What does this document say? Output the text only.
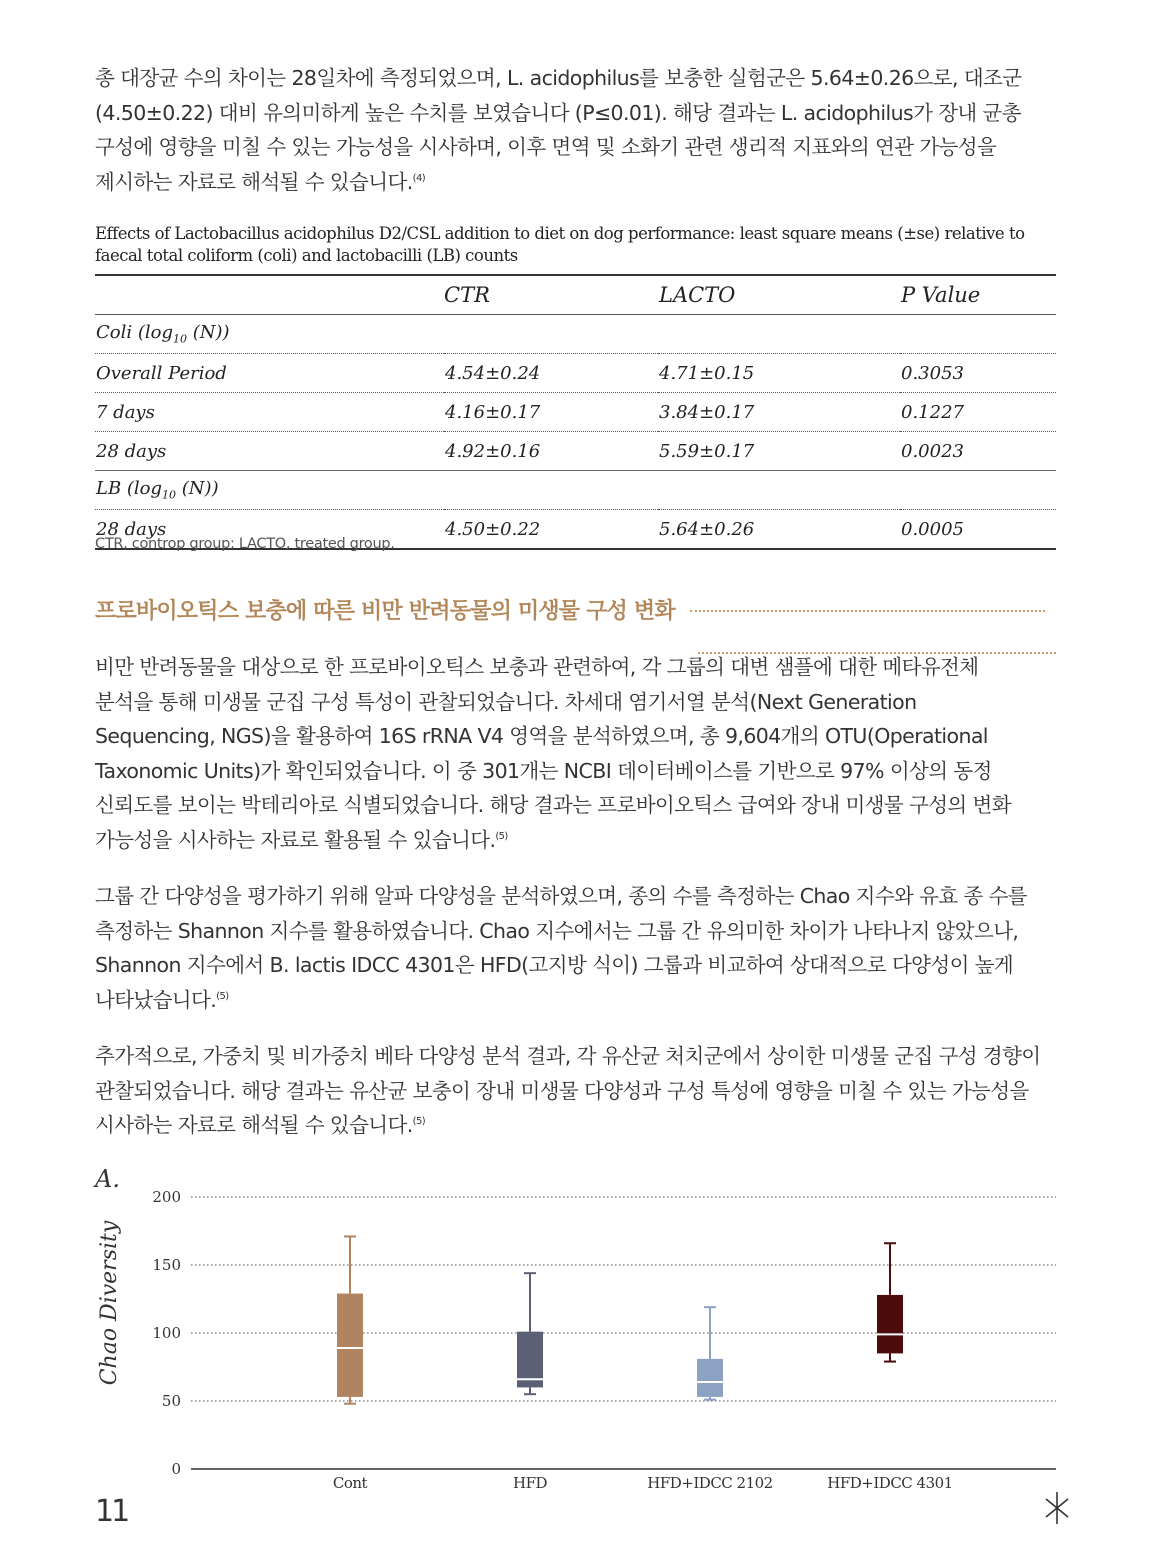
총 대장균 수의 차이는 28일차에 측정되었으며, L. acidophilus를 보충한 실험군은 5.64±0.26으로, 대조군
(4.50±0.22) 대비 유의미하게 높은 수치를 보였습니다 (P≤0.01). 해당 결과는 L. acidophilus가 장내 균총
구성에 영향을 미칠 수 있는 가능성을 시사하며, 이후 면역 및 소화기 관련 생리적 지표와의 연관 가능성을
제시하는 자료로 해석될 수 있습니다.$^{(4)}$
Effects of Lactobacillus acidophilus D2/CSL addition to diet on dog performance: least square means (±se) relative to
faecal total coliform (coli) and lactobacilli (LB) counts
	CTR	LACTO	P Value
Coli ($\log_{10}$ (N))			
Overall Period	4.54±0.24	4.71±0.15	0.3053
7 days	4.16±0.17	3.84±0.17	0.1227
28 days	4.92±0.16	5.59±0.17	0.0023
LB ($\log_{10}$ (N))			
28 days	4.50±0.22	5.64±0.26	0.0005
CTR, controp group; LACTO, treated group.
프로바이오틱스 보충에 따른 비만 반려동물의 미생물 구성 변화
비만 반려동물을 대상으로 한 프로바이오틱스 보충과 관련하여, 각 그룹의 대변 샘플에 대한 메타유전체
분석을 통해 미생물 군집 구성 특성이 관찰되었습니다. 차세대 염기서열 분석(Next Generation
Sequencing, NGS)을 활용하여 16S rRNA V4 영역을 분석하였으며, 총 9,604개의 OTU(Operational
Taxonomic Units)가 확인되었습니다. 이 중 301개는 NCBI 데이터베이스를 기반으로 97% 이상의 동정
신뢰도를 보이는 박테리아로 식별되었습니다. 해당 결과는 프로바이오틱스 급여와 장내 미생물 구성의 변화
가능성을 시사하는 자료로 활용될 수 있습니다.$^{(5)}$
그룹 간 다양성을 평가하기 위해 알파 다양성을 분석하였으며, 종의 수를 측정하는 Chao 지수와 유효 종 수를
측정하는 Shannon 지수를 활용하였습니다. Chao 지수에서는 그룹 간 유의미한 차이가 나타나지 않았으나,
Shannon 지수에서 B. lactis IDCC 4301은 HFD(고지방 식이) 그룹과 비교하여 상대적으로 다양성이 높게
나타났습니다.$^{(5)}$
추가적으로, 가중치 및 비가중치 베타 다양성 분석 결과, 각 유산균 처치군에서 상이한 미생물 군집 구성 경향이
관찰되었습니다. 해당 결과는 유산균 보충이 장내 미생물 다양성과 구성 특성에 영향을 미칠 수 있는 가능성을
시사하는 자료로 해석될 수 있습니다.$^{(5)}$
A.
Chao Diversity
0
50
100
150
200
Cont	HFD	HFD+IDCC 2102	HFD+IDCC 4301
11
